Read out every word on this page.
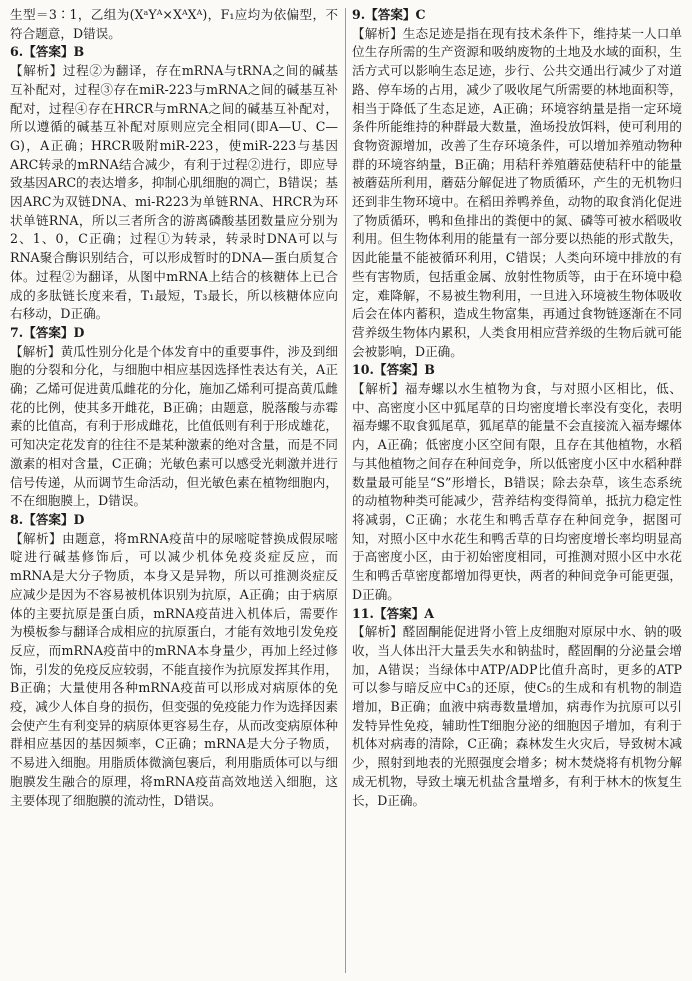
生型＝3∶1，乙组为(XᵃYᴬ×XᴬXᴬ)，F₁应均为依偏型，不符合题意，D错误。

6.【答案】B

【解析】过程②为翻译，存在mRNA与tRNA之间的碱基互补配对，过程③存在miR-223与mRNA之间的碱基互补配对，过程④存在HRCR与mRNA之间的碱基互补配对，所以遵循的碱基互补配对原则应完全相同(即A—U、C—G)，A正确；HRCR吸附miR-223，使miR-223与基因ARC转录的mRNA结合减少，有利于过程②进行，即应导致基因ARC的表达增多，抑制心肌细胞的凋亡，B错误；基因ARC为双链DNA、mi-R223为单链RNA、HRCR为环状单链RNA，所以三者所含的游离磷酸基团数量应分别为2、1、0，C正确；过程①为转录，转录时DNA可以与RNA聚合酶识别结合，可以形成暂时的DNA—蛋白质复合体。过程②为翻译，从图中mRNA上结合的核糖体上已合成的多肽链长度来看，T₁最短，T₃最长，所以核糖体应向右移动，D正确。

7.【答案】D

【解析】黄瓜性别分化是个体发育中的重要事件，涉及到细胞的分裂和分化，与细胞中相应基因选择性表达有关，A正确；乙烯可促进黄瓜雌花的分化，施加乙烯利可提高黄瓜雌花的比例，使其多开雌花，B正确；由题意，脱落酸与赤霉素的比值高，有利于形成雌花，比值低则有利于形成雄花，可知决定花发育的往往不是某种激素的绝对含量，而是不同激素的相对含量，C正确；光敏色素可以感受光刺激并进行信号传递，从而调节生命活动，但光敏色素在植物细胞内，不在细胞膜上，D错误。

8.【答案】D

【解析】由题意，将mRNA疫苗中的尿嘧啶替换成假尿嘧啶进行碱基修饰后，可以减少机体免疫炎症反应，而mRNA是大分子物质，本身又是异物，所以可推测炎症反应减少是因为不容易被机体识别为抗原，A正确；由于病原体的主要抗原是蛋白质，mRNA疫苗进入机体后，需要作为模板参与翻译合成相应的抗原蛋白，才能有效地引发免疫反应，而mRNA疫苗中的mRNA本身量少，再加上经过修饰，引发的免疫反应较弱，不能直接作为抗原发挥其作用，B正确；大量使用各种mRNA疫苗可以形成对病原体的免疫，减少人体自身的损伤，但变强的免疫能力作为选择因素会使产生有利变异的病原体更容易生存，从而改变病原体种群相应基因的基因频率，C正确；mRNA是大分子物质，不易进入细胞。用脂质体微滴包裹后，利用脂质体可以与细胞膜发生融合的原理，将mRNA疫苗高效地送入细胞，这主要体现了细胞膜的流动性，D错误。

9.【答案】C

【解析】生态足迹是指在现有技术条件下，维持某一人口单位生存所需的生产资源和吸纳废物的土地及水域的面积，生活方式可以影响生态足迹，步行、公共交通出行减少了对道路、停车场的占用，减少了吸收尾气所需要的林地面积等，相当于降低了生态足迹，A正确；环境容纳量是指一定环境条件所能维持的种群最大数量，渔场投放饵料，使可利用的食物资源增加，改善了生存环境条件，可以增加养殖动物种群的环境容纳量，B正确；用秸秆养殖蘑菇使秸秆中的能量被蘑菇所利用，蘑菇分解促进了物质循环，产生的无机物归还到非生物环境中。在稻田养鸭养鱼，动物的取食消化促进了物质循环，鸭和鱼排出的粪便中的氮、磷等可被水稻吸收利用。但生物体利用的能量有一部分要以热能的形式散失，因此能量不能被循环利用，C错误；人类向环境中排放的有些有害物质，包括重金属、放射性物质等，由于在环境中稳定，难降解，不易被生物利用，一旦进入环境被生物体吸收后会在体内蓄积，造成生物富集，再通过食物链逐渐在不同营养级生物体内累积，人类食用相应营养级的生物后就可能会被影响，D正确。

10.【答案】B

【解析】福寿螺以水生植物为食，与对照小区相比，低、中、高密度小区中狐尾草的日均密度增长率没有变化，表明福寿螺不取食狐尾草，狐尾草的能量不会直接流入福寿螺体内，A正确；低密度小区空间有限，且存在其他植物，水稻与其他植物之间存在种间竞争，所以低密度小区中水稻种群数量最可能呈“S”形增长，B错误；除去杂草，该生态系统的动植物种类可能减少，营养结构变得简单，抵抗力稳定性将减弱，C正确；水花生和鸭舌草存在种间竞争，据图可知，对照小区中水花生和鸭舌草的日均密度增长率均明显高于高密度小区，由于初始密度相同，可推测对照小区中水花生和鸭舌草密度都增加得更快，两者的种间竞争可能更强，D正确。

11.【答案】A

【解析】醛固酮能促进肾小管上皮细胞对原尿中水、钠的吸收，当人体出汗大量丢失水和钠盐时，醛固酮的分泌量会增加，A错误；当绿体中ATP/ADP比值升高时，更多的ATP可以参与暗反应中C₃的还原，使C₅的生成和有机物的制造增加，B正确；血液中病毒数量增加，病毒作为抗原可以引发特异性免疫，辅助性T细胞分泌的细胞因子增加，有利于机体对病毒的清除，C正确；森林发生火灾后，导致树木减少，照射到地表的光照强度会增多；树木焚烧将有机物分解成无机物，导致土壤无机盐含量增多，有利于林木的恢复生长，D正确。
